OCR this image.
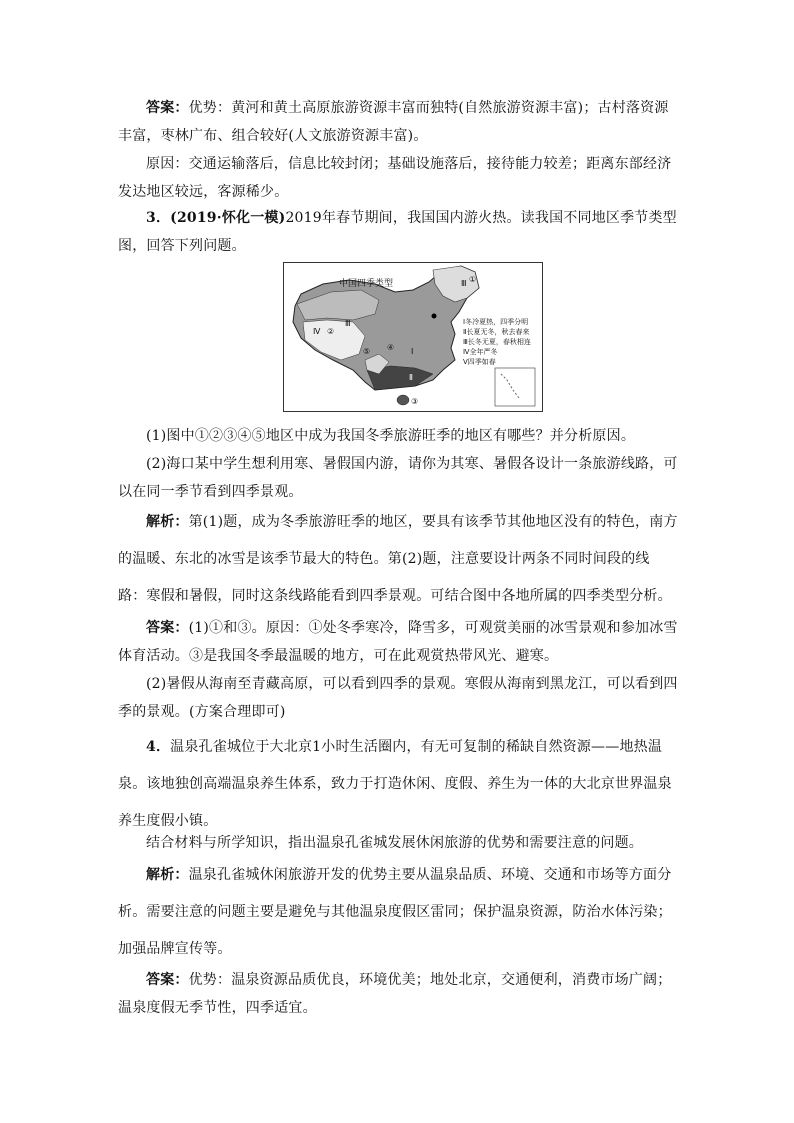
答案：优势：黄河和黄土高原旅游资源丰富而独特(自然旅游资源丰富)；古村落资源丰富，枣林广布、组合较好(人文旅游资源丰富)。

原因：交通运输落后，信息比较封闭；基础设施落后，接待能力较差；距离东部经济发达地区较远，客源稀少。

3．(2019·怀化一模)2019年春节期间，我国国内游火热。读我国不同地区季节类型图，回答下列问题。

中国四季类型	Ⅲ
Ⅳ
Ⅲ
Ⅰ
Ⅱ
①
②
③
④
⑤
Ⅰ冬冷夏热，四季分明
Ⅱ长夏无冬，秋去春来
Ⅲ长冬无夏，春秋相连
Ⅳ全年严冬
Ⅴ四季如春

(1)图中①②③④⑤地区中成为我国冬季旅游旺季的地区有哪些？并分析原因。

(2)海口某中学生想利用寒、暑假国内游，请你为其寒、暑假各设计一条旅游线路，可以在同一季节看到四季景观。

解析：第(1)题，成为冬季旅游旺季的地区，要具有该季节其他地区没有的特色，南方的温暖、东北的冰雪是该季节最大的特色。第(2)题，注意要设计两条不同时间段的线路：寒假和暑假，同时这条线路能看到四季景观。可结合图中各地所属的四季类型分析。

答案：(1)①和③。原因：①处冬季寒冷，降雪多，可观赏美丽的冰雪景观和参加冰雪体育活动。③是我国冬季最温暖的地方，可在此观赏热带风光、避寒。

(2)暑假从海南至青藏高原，可以看到四季的景观。寒假从海南到黑龙江，可以看到四季的景观。(方案合理即可)

4．温泉孔雀城位于大北京1小时生活圈内，有无可复制的稀缺自然资源——地热温泉。该地独创高端温泉养生体系，致力于打造休闲、度假、养生为一体的大北京世界温泉养生度假小镇。

结合材料与所学知识，指出温泉孔雀城发展休闲旅游的优势和需要注意的问题。

解析：温泉孔雀城休闲旅游开发的优势主要从温泉品质、环境、交通和市场等方面分析。需要注意的问题主要是避免与其他温泉度假区雷同；保护温泉资源，防治水体污染；加强品牌宣传等。

答案：优势：温泉资源品质优良，环境优美；地处北京，交通便利，消费市场广阔；温泉度假无季节性，四季适宜。
